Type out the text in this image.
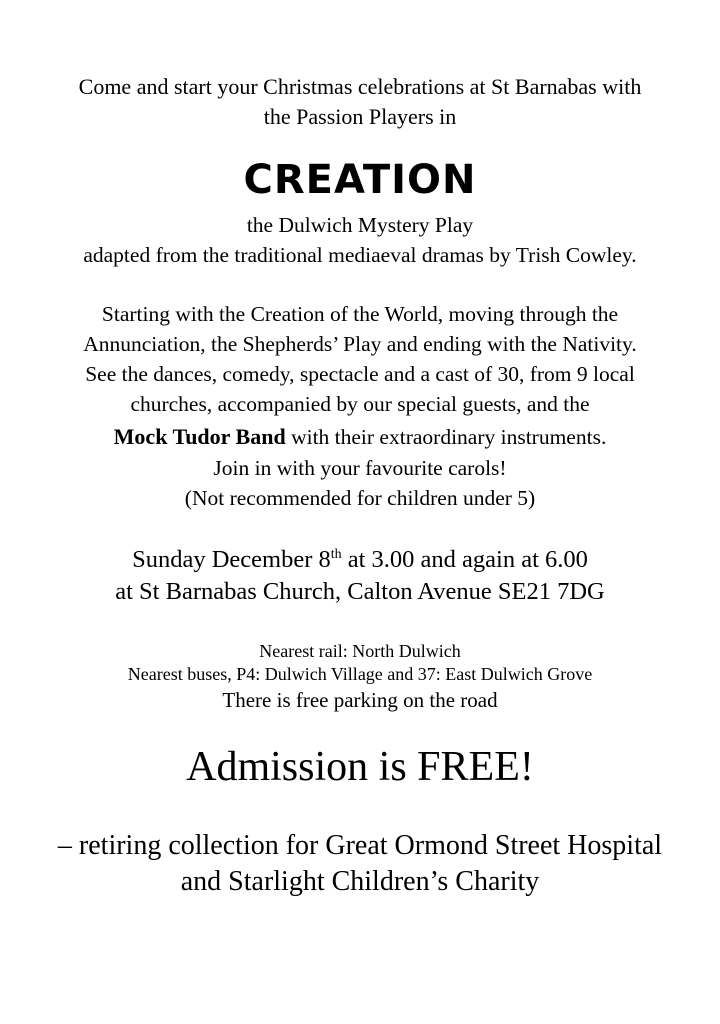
Come and start your Christmas celebrations at St Barnabas with
the Passion Players in
CREATION
the Dulwich Mystery Play
adapted from the traditional mediaeval dramas by Trish Cowley.
Starting with the Creation of the World, moving through the
Annunciation, the Shepherds’ Play and ending with the Nativity.
See the dances, comedy, spectacle and a cast of 30, from 9 local
churches, accompanied by our special guests, and the
Mock Tudor Band with their extraordinary instruments.
Join in with your favourite carols!
(Not recommended for children under 5)
Sunday December 8th at 3.00 and again at 6.00
at St Barnabas Church, Calton Avenue SE21 7DG
Nearest rail: North Dulwich
Nearest buses, P4: Dulwich Village and 37: East Dulwich Grove
There is free parking on the road
Admission is FREE!
– retiring collection for Great Ormond Street Hospital
and Starlight Children’s Charity
